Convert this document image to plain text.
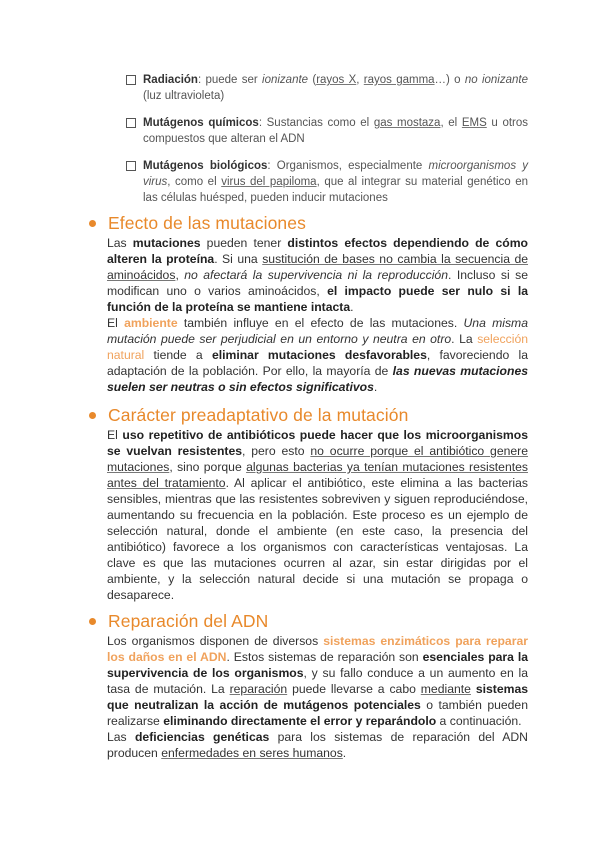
Radiación: puede ser ionizante (rayos X, rayos gamma…) o no ionizante (luz ultravioleta)
Mutágenos químicos: Sustancias como el gas mostaza, el EMS u otros compuestos que alteran el ADN
Mutágenos biológicos: Organismos, especialmente microorganismos y virus, como el virus del papiloma, que al integrar su material genético en las células huésped, pueden inducir mutaciones
Efecto de las mutaciones

Las mutaciones pueden tener distintos efectos dependiendo de cómo alteren la proteína. Si una sustitución de bases no cambia la secuencia de aminoácidos, no afectará la supervivencia ni la reproducción. Incluso si se modifican uno o varios aminoácidos, el impacto puede ser nulo si la función de la proteína se mantiene intacta.

El ambiente también influye en el efecto de las mutaciones. Una misma mutación puede ser perjudicial en un entorno y neutra en otro. La selección natural tiende a eliminar mutaciones desfavorables, favoreciendo la adaptación de la población. Por ello, la mayoría de las nuevas mutaciones suelen ser neutras o sin efectos significativos.

Carácter preadaptativo de la mutación

El uso repetitivo de antibióticos puede hacer que los microorganismos se vuelvan resistentes, pero esto no ocurre porque el antibiótico genere mutaciones, sino porque algunas bacterias ya tenían mutaciones resistentes antes del tratamiento. Al aplicar el antibiótico, este elimina a las bacterias sensibles, mientras que las resistentes sobreviven y siguen reproduciéndose, aumentando su frecuencia en la población. Este proceso es un ejemplo de selección natural, donde el ambiente (en este caso, la presencia del antibiótico) favorece a los organismos con características ventajosas. La clave es que las mutaciones ocurren al azar, sin estar dirigidas por el ambiente, y la selección natural decide si una mutación se propaga o desaparece.

Reparación del ADN

Los organismos disponen de diversos sistemas enzimáticos para reparar los daños en el ADN. Estos sistemas de reparación son esenciales para la supervivencia de los organismos, y su fallo conduce a un aumento en la tasa de mutación. La reparación puede llevarse a cabo mediante sistemas que neutralizan la acción de mutágenos potenciales o también pueden realizarse eliminando directamente el error y reparándolo a continuación.

Las deficiencias genéticas para los sistemas de reparación del ADN producen enfermedades en seres humanos.
